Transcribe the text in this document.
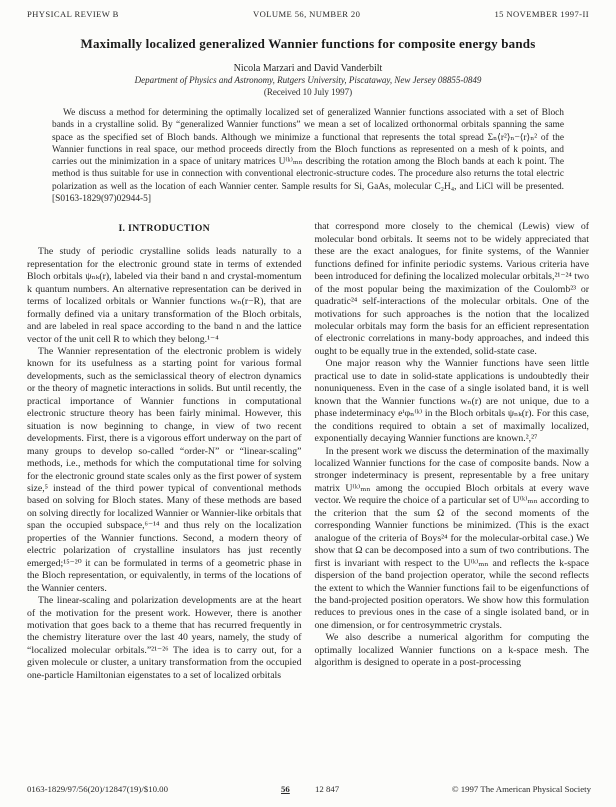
PHYSICAL REVIEW B	VOLUME 56, NUMBER 20	15 NOVEMBER 1997-II
Maximally localized generalized Wannier functions for composite energy bands
Nicola Marzari and David Vanderbilt
Department of Physics and Astronomy, Rutgers University, Piscataway, New Jersey 08855-0849
(Received 10 July 1997)

We discuss a method for determining the optimally localized set of generalized Wannier functions associated with a set of Bloch bands in a crystalline solid. By “generalized Wannier functions” we mean a set of localized orthonormal orbitals spanning the same space as the specified set of Bloch bands. Although we minimize a functional that represents the total spread Σₙ⟨r²⟩ₙ−⟨r⟩ₙ² of the Wannier functions in real space, our method proceeds directly from the Bloch functions as represented on a mesh of k points, and carries out the minimization in a space of unitary matrices U⁽ᵏ⁾ₘₙ describing the rotation among the Bloch bands at each k point. The method is thus suitable for use in connection with conventional electronic-structure codes. The procedure also returns the total electric polarization as well as the location of each Wannier center. Sample results for Si, GaAs, molecular C₂H₄, and LiCl will be presented. [S0163-1829(97)02944-5]

I. INTRODUCTION

The study of periodic crystalline solids leads naturally to a representation for the electronic ground state in terms of extended Bloch orbitals ψₙₖ(r), labeled via their band n and crystal-momentum k quantum numbers. An alternative representation can be derived in terms of localized orbitals or Wannier functions wₙ(r−R), that are formally defined via a unitary transformation of the Bloch orbitals, and are labeled in real space according to the band n and the lattice vector of the unit cell R to which they belong.¹⁻⁴

The Wannier representation of the electronic problem is widely known for its usefulness as a starting point for various formal developments, such as the semiclassical theory of electron dynamics or the theory of magnetic interactions in solids. But until recently, the practical importance of Wannier functions in computational electronic structure theory has been fairly minimal. However, this situation is now beginning to change, in view of two recent developments. First, there is a vigorous effort underway on the part of many groups to develop so-called “order-N” or “linear-scaling” methods, i.e., methods for which the computational time for solving for the electronic ground state scales only as the first power of system size,⁵ instead of the third power typical of conventional methods based on solving for Bloch states. Many of these methods are based on solving directly for localized Wannier or Wannier-like orbitals that span the occupied subspace,⁶⁻¹⁴ and thus rely on the localization properties of the Wannier functions. Second, a modern theory of electric polarization of crystalline insulators has just recently emerged;¹⁵⁻²⁰ it can be formulated in terms of a geometric phase in the Bloch representation, or equivalently, in terms of the locations of the Wannier centers.

The linear-scaling and polarization developments are at the heart of the motivation for the present work. However, there is another motivation that goes back to a theme that has recurred frequently in the chemistry literature over the last 40 years, namely, the study of “localized molecular orbitals.”²¹⁻²⁶ The idea is to carry out, for a given molecule or cluster, a unitary transformation from the occupied one-particle Hamiltonian eigenstates to a set of localized orbitals

that correspond more closely to the chemical (Lewis) view of molecular bond orbitals. It seems not to be widely appreciated that these are the exact analogues, for finite systems, of the Wannier functions defined for infinite periodic systems. Various criteria have been introduced for defining the localized molecular orbitals,²¹⁻²⁴ two of the most popular being the maximization of the Coulomb²³ or quadratic²⁴ self-interactions of the molecular orbitals. One of the motivations for such approaches is the notion that the localized molecular orbitals may form the basis for an efficient representation of electronic correlations in many-body approaches, and indeed this ought to be equally true in the extended, solid-state case.

One major reason why the Wannier functions have seen little practical use to date in solid-state applications is undoubtedly their nonuniqueness. Even in the case of a single isolated band, it is well known that the Wannier functions wₙ(r) are not unique, due to a phase indeterminacy eⁱφₙ⁽ᵏ⁾ in the Bloch orbitals ψₙₖ(r). For this case, the conditions required to obtain a set of maximally localized, exponentially decaying Wannier functions are known.²,²⁷

In the present work we discuss the determination of the maximally localized Wannier functions for the case of composite bands. Now a stronger indeterminacy is present, representable by a free unitary matrix U⁽ᵏ⁾ₘₙ among the occupied Bloch orbitals at every wave vector. We require the choice of a particular set of U⁽ᵏ⁾ₘₙ according to the criterion that the sum Ω of the second moments of the corresponding Wannier functions be minimized. (This is the exact analogue of the criteria of Boys²⁴ for the molecular-orbital case.) We show that Ω can be decomposed into a sum of two contributions. The first is invariant with respect to the U⁽ᵏ⁾ₘₙ and reflects the k-space dispersion of the band projection operator, while the second reflects the extent to which the Wannier functions fail to be eigenfunctions of the band-projected position operators. We show how this formulation reduces to previous ones in the case of a single isolated band, or in one dimension, or for centrosymmetric crystals.

We also describe a numerical algorithm for computing the optimally localized Wannier functions on a k-space mesh. The algorithm is designed to operate in a post-processing

0163-1829/97/56(20)/12847(19)/$10.00	56	12 847	© 1997 The American Physical Society
